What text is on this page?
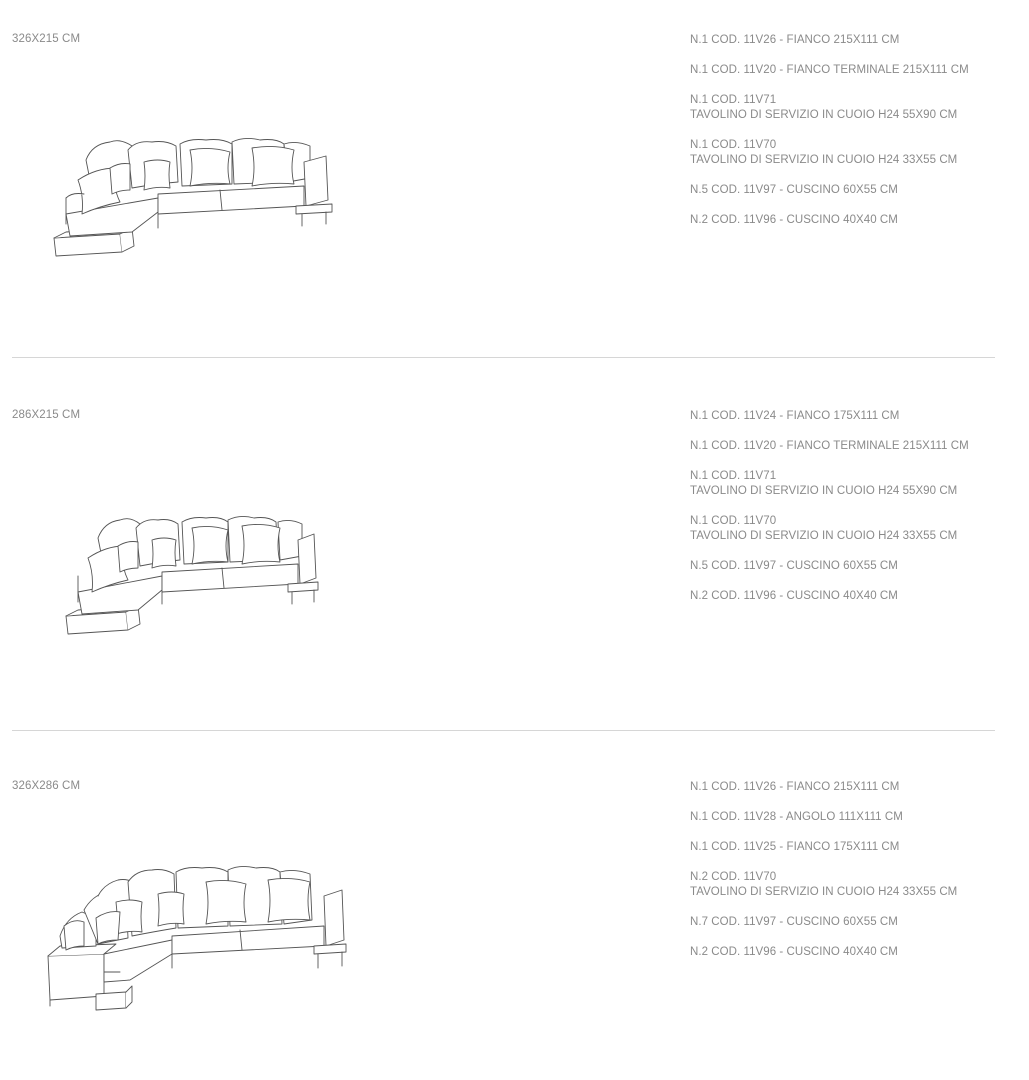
326X215 CM	N.1 COD. 11V26 - FIANCO 215X111 CM
N.1 COD. 11V20 - FIANCO TERMINALE 215X111 CM
N.1 COD. 11V71
TAVOLINO DI SERVIZIO IN CUOIO H24 55X90 CM
N.1 COD. 11V70
TAVOLINO DI SERVIZIO IN CUOIO H24 33X55 CM
N.5 COD. 11V97 - CUSCINO 60X55 CM
N.2 COD. 11V96 - CUSCINO 40X40 CM
286X215 CM	N.1 COD. 11V24 - FIANCO 175X111 CM
N.1 COD. 11V20 - FIANCO TERMINALE 215X111 CM
N.1 COD. 11V71
TAVOLINO DI SERVIZIO IN CUOIO H24 55X90 CM
N.1 COD. 11V70
TAVOLINO DI SERVIZIO IN CUOIO H24 33X55 CM
N.5 COD. 11V97 - CUSCINO 60X55 CM
N.2 COD. 11V96 - CUSCINO 40X40 CM
326X286 CM	N.1 COD. 11V26 - FIANCO 215X111 CM
N.1 COD. 11V28 - ANGOLO 111X111 CM
N.1 COD. 11V25 - FIANCO 175X111 CM
N.2 COD. 11V70
TAVOLINO DI SERVIZIO IN CUOIO H24 33X55 CM
N.7 COD. 11V97 - CUSCINO 60X55 CM
N.2 COD. 11V96 - CUSCINO 40X40 CM
